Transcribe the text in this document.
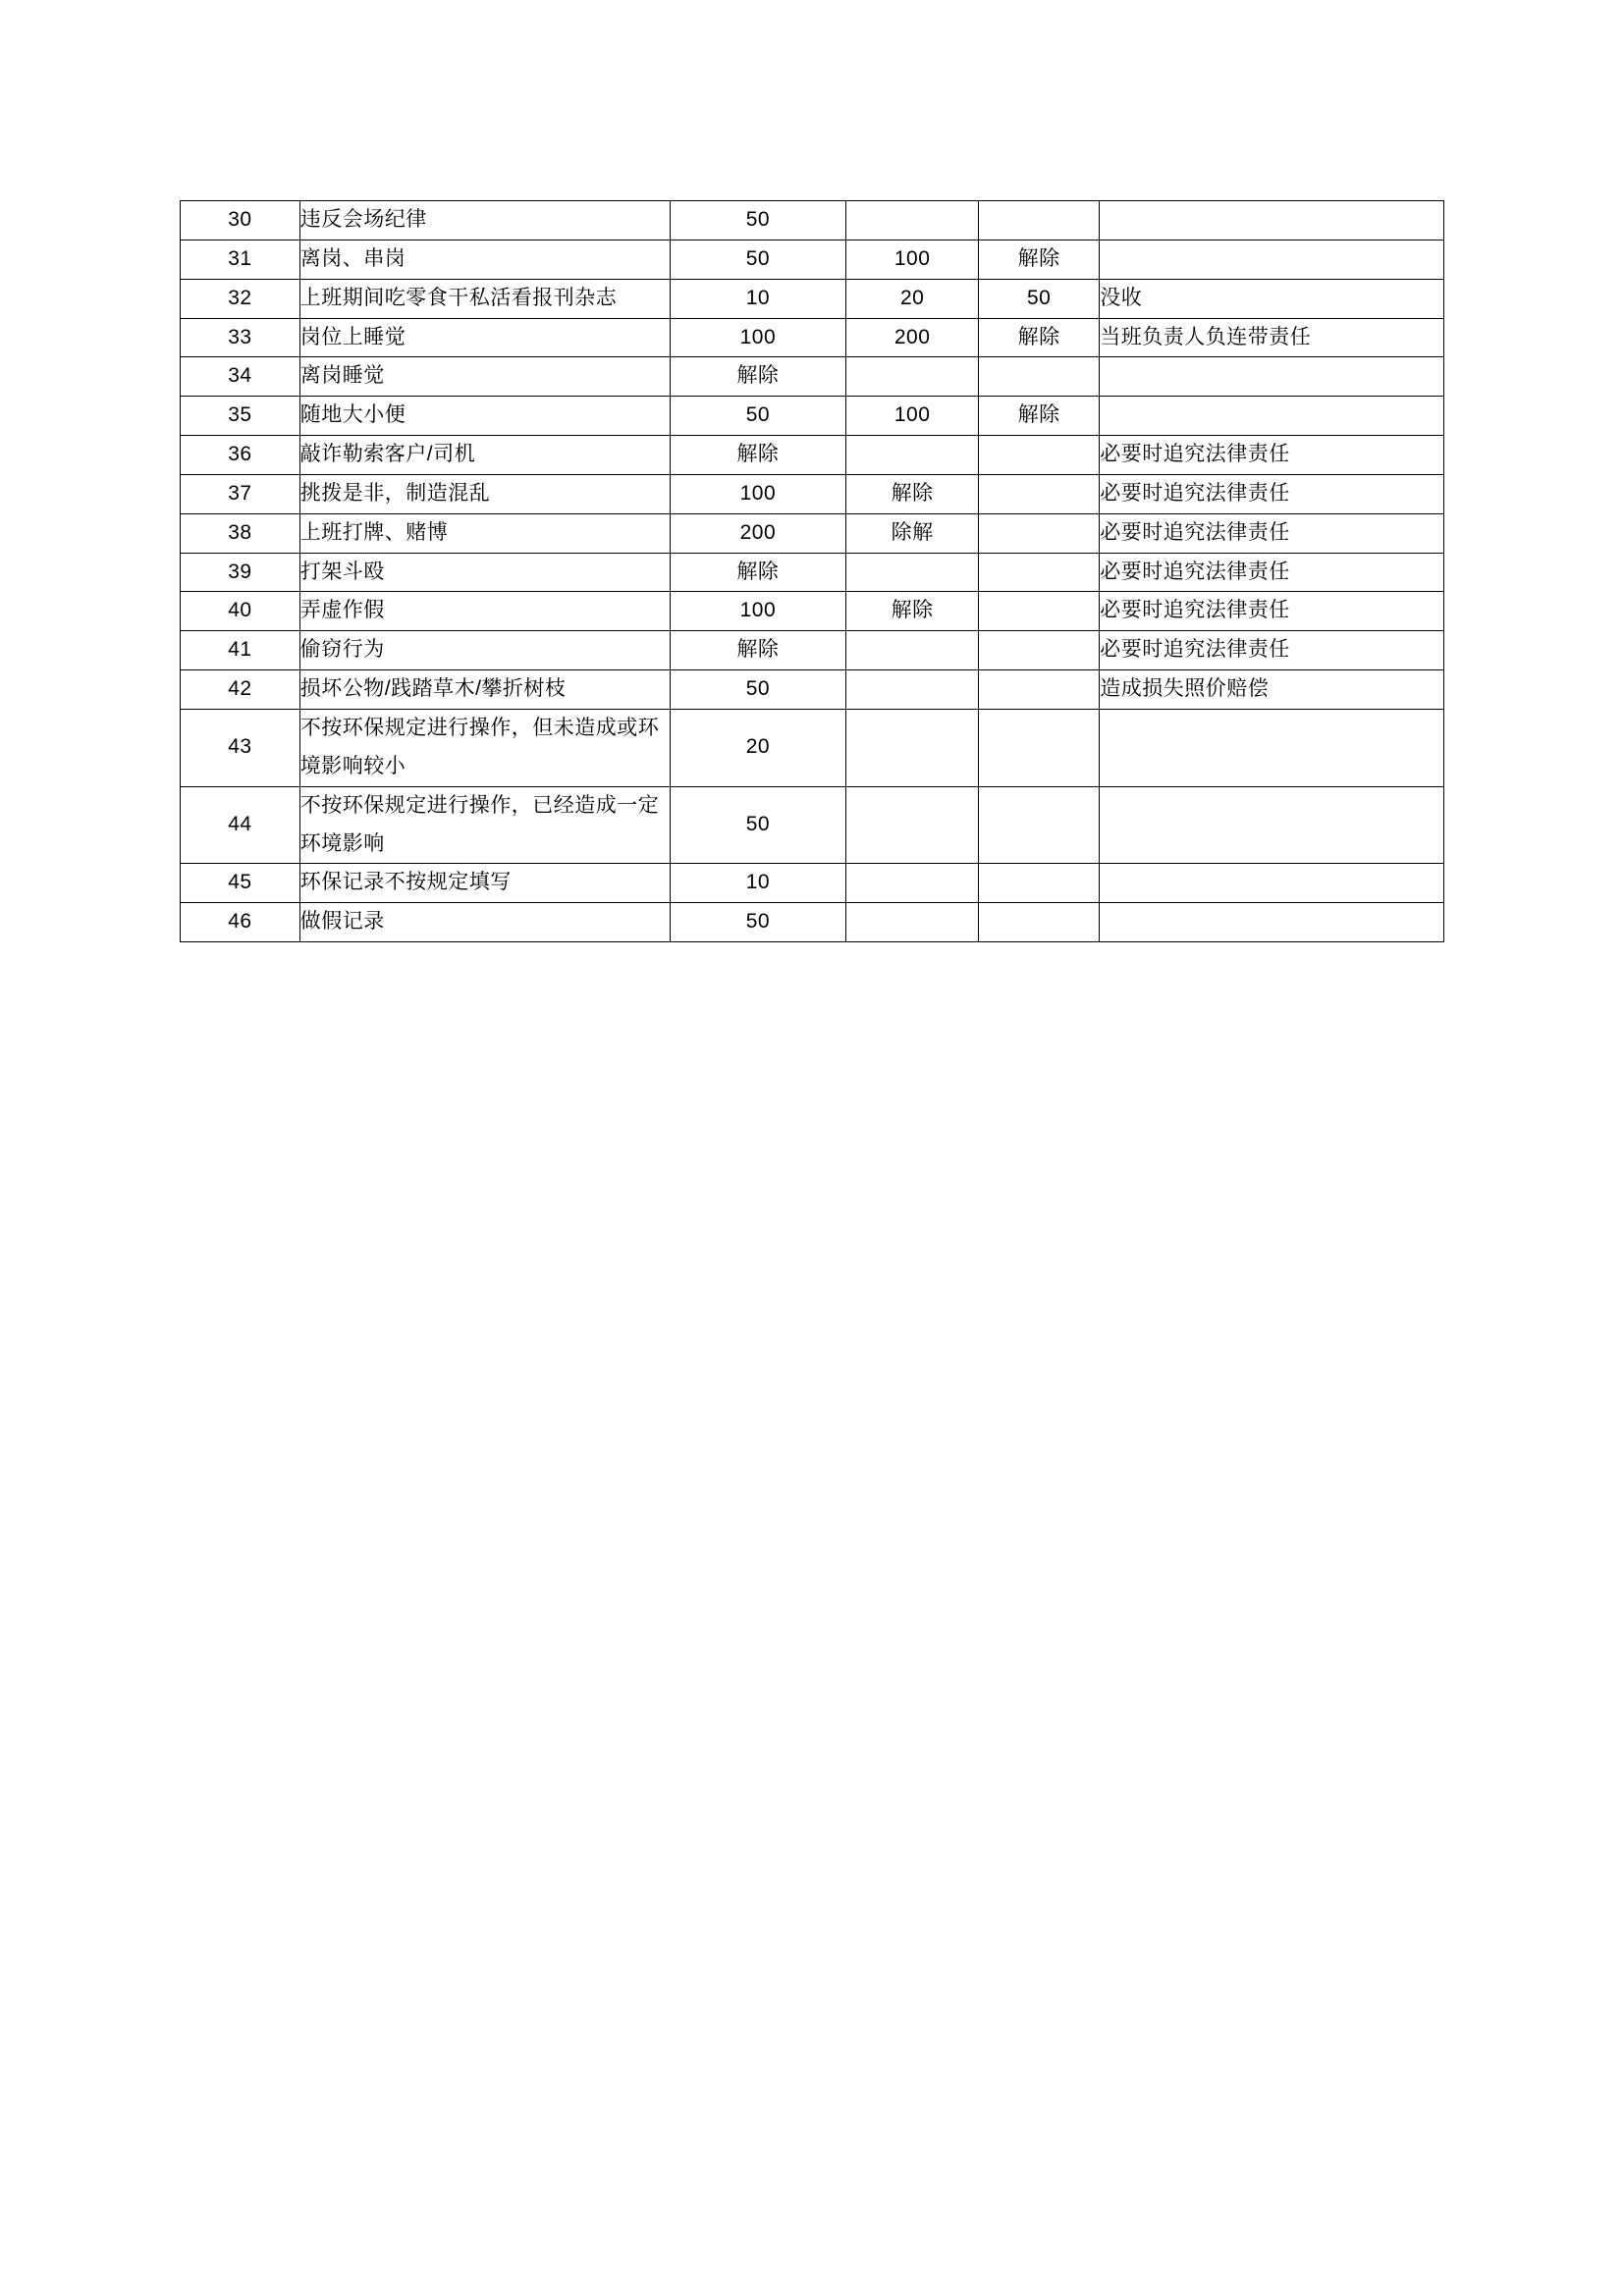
30	违反会场纪律	50			
31	离岗、串岗	50	100	解除	
32	上班期间吃零食干私活看报刊杂志	10	20	50	没收
33	岗位上睡觉	100	200	解除	当班负责人负连带责任
34	离岗睡觉	解除			
35	随地大小便	50	100	解除	
36	敲诈勒索客户/司机	解除			必要时追究法律责任
37	挑拨是非，制造混乱	100	解除		必要时追究法律责任
38	上班打牌、赌博	200	除解		必要时追究法律责任
39	打架斗殴	解除			必要时追究法律责任
40	弄虚作假	100	解除		必要时追究法律责任
41	偷窃行为	解除			必要时追究法律责任
42	损坏公物/践踏草木/攀折树枝	50			造成损失照价赔偿
43	不按环保规定进行操作，但未造成或环境影响较小	20			
44	不按环保规定进行操作，已经造成一定环境影响	50			
45	环保记录不按规定填写	10			
46	做假记录	50			
